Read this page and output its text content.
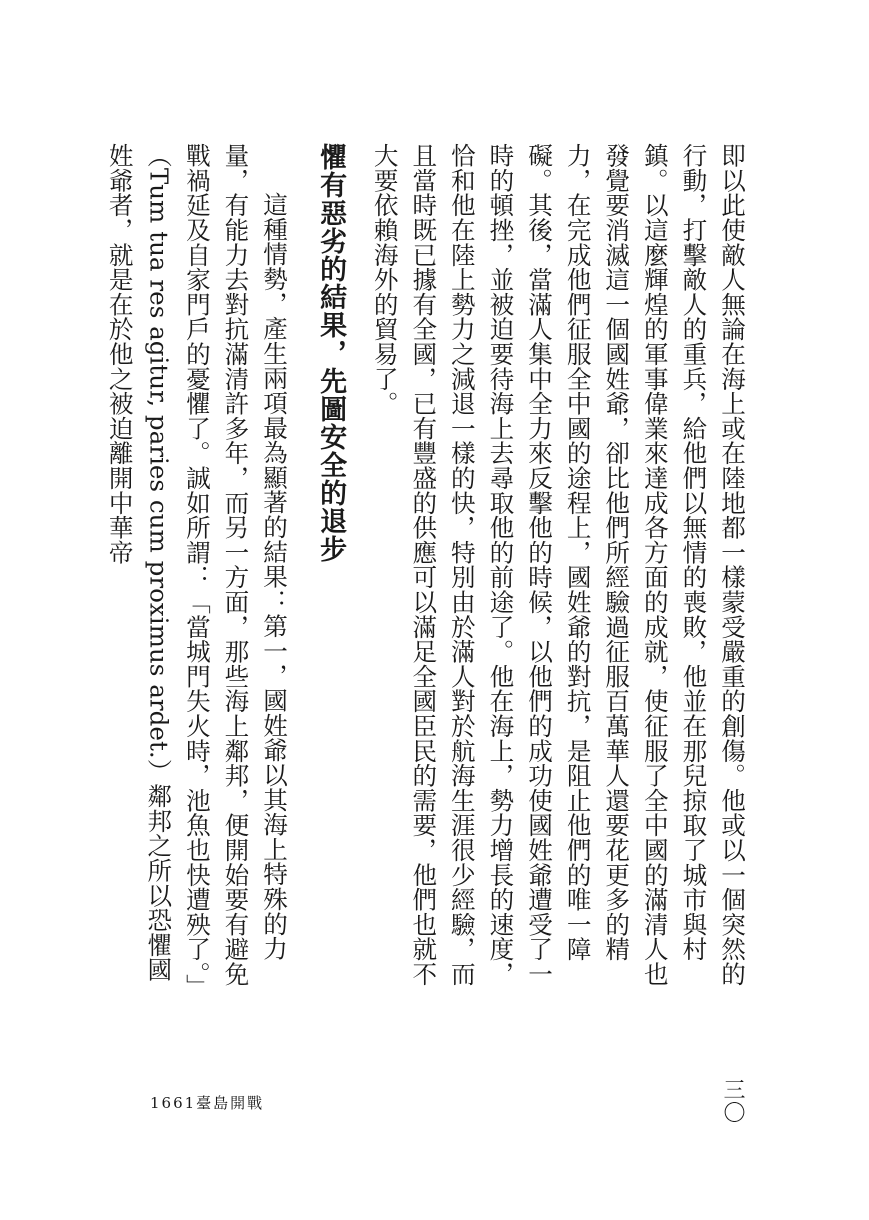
即以此使敵人無論在海上或在陸地都一樣蒙受嚴重的創傷。他或以一個突然的行動，打擊敵人的重兵，給他們以無情的喪敗，他並在那兒掠取了城市與村鎮。以這麼輝煌的軍事偉業來達成各方面的成就，使征服了全中國的滿清人也發覺要消滅這一個國姓爺，卻比他們所經驗過征服百萬華人還要花更多的精力，在完成他們征服全中國的途程上，國姓爺的對抗，是阻止他們的唯一障礙。其後，當滿人集中全力來反擊他的時候，以他們的成功使國姓爺遭受了一時的頓挫，並被迫要待海上去尋取他的前途了。他在海上，勢力增長的速度，恰和他在陸上勢力之減退一樣的快，特別由於滿人對於航海生涯很少經驗，而且當時既已據有全國，已有豐盛的供應可以滿足全國臣民的需要，他們也就不大要依賴海外的貿易了。

懼有惡劣的結果，先圖安全的退步

這種情勢，產生兩項最為顯著的結果：第一，國姓爺以其海上特殊的力量，有能力去對抗滿清許多年，而另一方面，那些海上鄰邦，便開始要有避免戰禍延及自家門戶的憂懼了。誠如所謂：「當城門失火時，池魚也快遭殃了。」（Tum tua res agitur, paries cum proximus ardet.）鄰邦之所以恐懼國姓爺者，就是在於他之被迫離開中華帝

三〇
1661臺島開戰
